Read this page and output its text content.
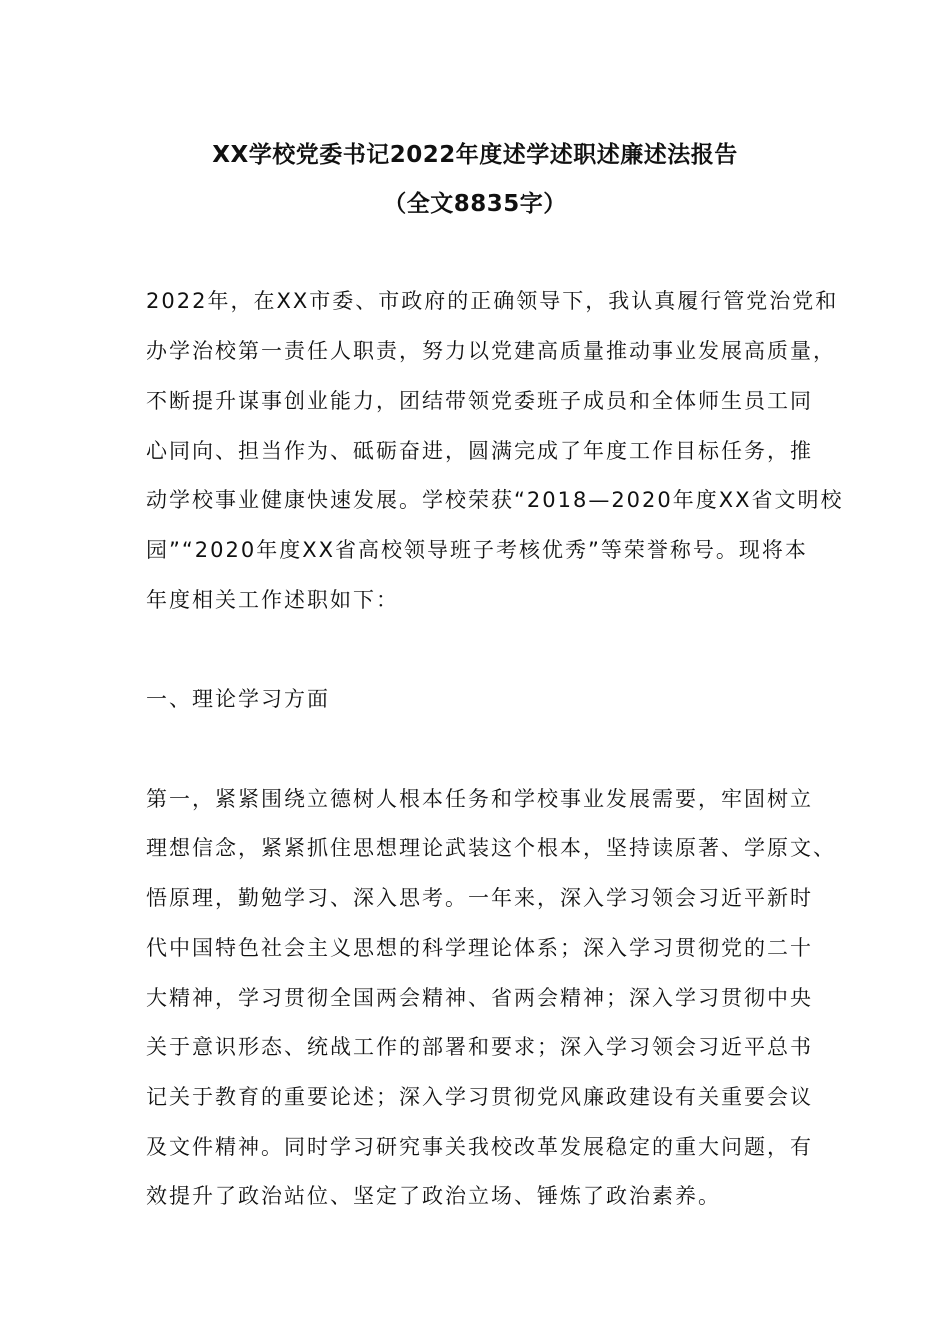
XX学校党委书记2022年度述学述职述廉述法报告
（全文8835字）
2022年，在XX市委、市政府的正确领导下，我认真履行管党治党和
办学治校第一责任人职责，努力以党建高质量推动事业发展高质量，
不断提升谋事创业能力，团结带领党委班子成员和全体师生员工同
心同向、担当作为、砥砺奋进，圆满完成了年度工作目标任务，推
动学校事业健康快速发展。学校荣获“2018—2020年度XX省文明校
园”“2020年度XX省高校领导班子考核优秀”等荣誉称号。现将本
年度相关工作述职如下：
一、理论学习方面
第一，紧紧围绕立德树人根本任务和学校事业发展需要，牢固树立
理想信念，紧紧抓住思想理论武装这个根本，坚持读原著、学原文、
悟原理，勤勉学习、深入思考。一年来，深入学习领会习近平新时
代中国特色社会主义思想的科学理论体系；深入学习贯彻党的二十
大精神，学习贯彻全国两会精神、省两会精神；深入学习贯彻中央
关于意识形态、统战工作的部署和要求；深入学习领会习近平总书
记关于教育的重要论述；深入学习贯彻党风廉政建设有关重要会议
及文件精神。同时学习研究事关我校改革发展稳定的重大问题，有
效提升了政治站位、坚定了政治立场、锤炼了政治素养。
